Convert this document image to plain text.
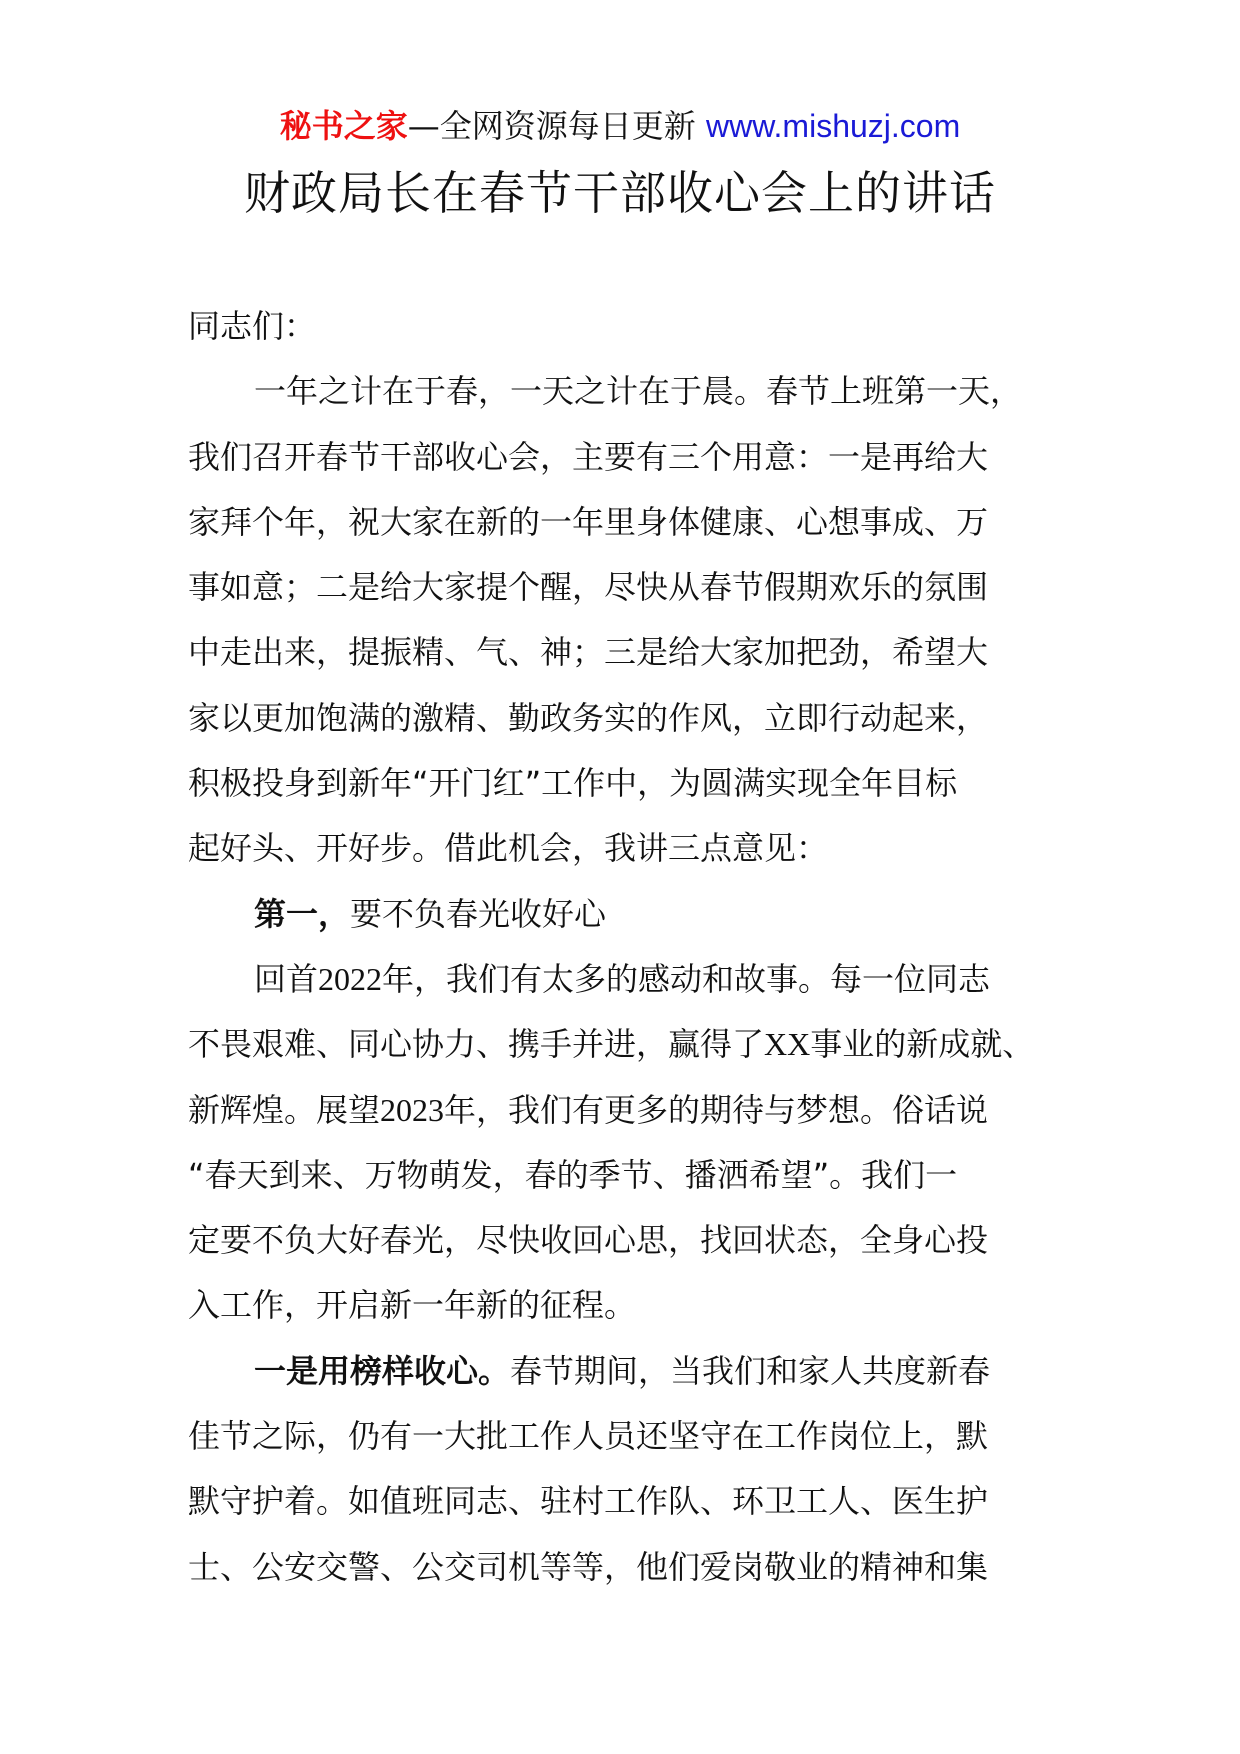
秘书之家—全网资源每日更新 www.mishuzj.com
财政局长在春节干部收心会上的讲话
同志们：
一年之计在于春，一天之计在于晨。春节上班第一天，
我们召开春节干部收心会，主要有三个用意：一是再给大
家拜个年，祝大家在新的一年里身体健康、心想事成、万
事如意；二是给大家提个醒，尽快从春节假期欢乐的氛围
中走出来，提振精、气、神；三是给大家加把劲，希望大
家以更加饱满的激精、勤政务实的作风，立即行动起来，
积极投身到新年“开门红”工作中，为圆满实现全年目标
起好头、开好步。借此机会，我讲三点意见：
第一，要不负春光收好心
回首2022年，我们有太多的感动和故事。每一位同志
不畏艰难、同心协力、携手并进，赢得了XX事业的新成就、
新辉煌。展望2023年，我们有更多的期待与梦想。俗话说
“春天到来、万物萌发，春的季节、播洒希望”。我们一
定要不负大好春光，尽快收回心思，找回状态，全身心投
入工作，开启新一年新的征程。
一是用榜样收心。春节期间，当我们和家人共度新春
佳节之际，仍有一大批工作人员还坚守在工作岗位上，默
默守护着。如值班同志、驻村工作队、环卫工人、医生护
士、公安交警、公交司机等等，他们爱岗敬业的精神和集
